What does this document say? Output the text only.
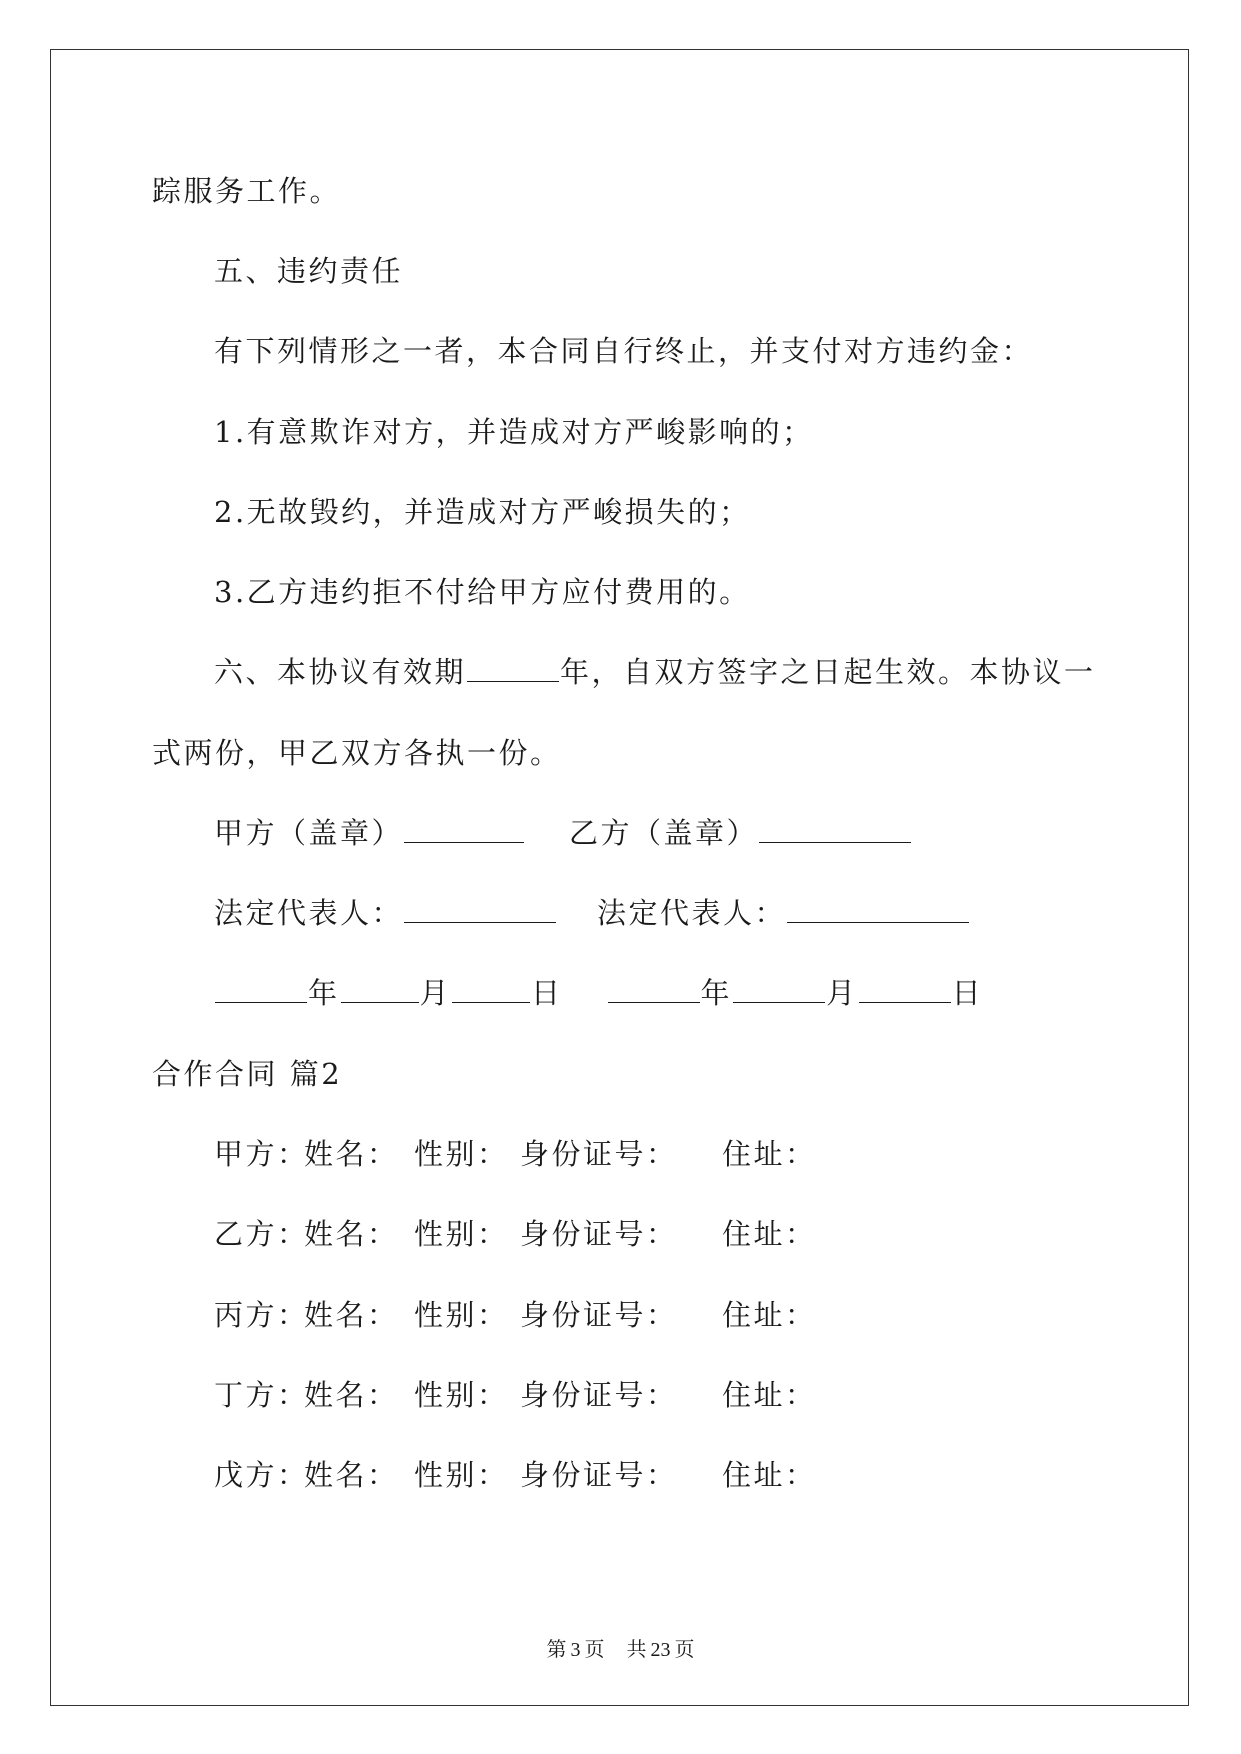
踪服务工作。
五、违约责任
有下列情形之一者，本合同自行终止，并支付对方违约金：
1.有意欺诈对方，并造成对方严峻影响的；
2.无故毁约，并造成对方严峻损失的；
3.乙方违约拒不付给甲方应付费用的。
六、本协议有效期	年，自双方签字之日起生效。本协议一
式两份，甲乙双方各执一份。
甲方（盖章）	乙方（盖章）
法定代表人：	法定代表人：
年	月	日	年	月	日
合作合同 篇2
甲方：
姓名： 性别： 身份证号： 住址：
乙方：
姓名： 性别： 身份证号： 住址：
丙方：
姓名： 性别： 身份证号： 住址：
丁方：
姓名： 性别： 身份证号： 住址：
戊方：
姓名： 性别： 身份证号： 住址：
第 3 页 共 23 页
